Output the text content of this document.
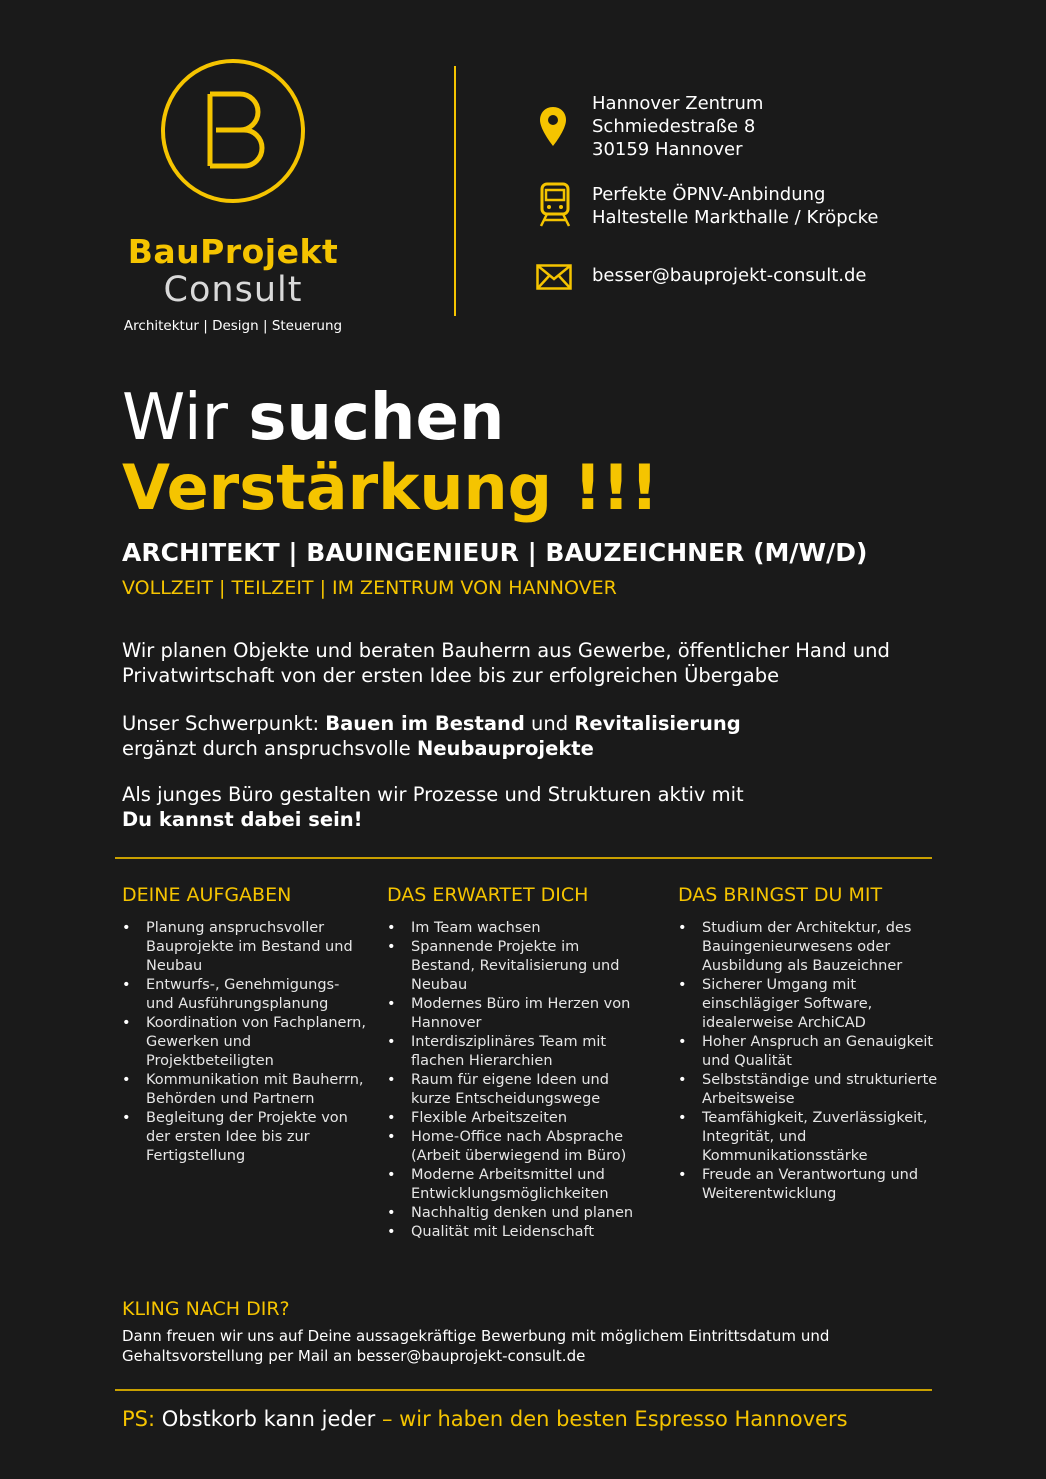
BauProjekt
Consult
Architektur | Design | Steuerung
Hannover Zentrum
Schmiedestraße 8
30159 Hannover
Perfekte ÖPNV-Anbindung
Haltestelle Markthalle / Kröpcke
besser@bauprojekt-consult.de
Wir suchen
Verstärkung !!!
ARCHITEKT | BAUINGENIEUR | BAUZEICHNER (M/W/D)
VOLLZEIT | TEILZEIT | IM ZENTRUM VON HANNOVER
Wir planen Objekte und beraten Bauherrn aus Gewerbe, öffentlicher Hand und Privatwirtschaft von der ersten Idee bis zur erfolgreichen Übergabe
Unser Schwerpunkt: Bauen im Bestand und Revitalisierung
ergänzt durch anspruchsvolle Neubauprojekte
Als junges Büro gestalten wir Prozesse und Strukturen aktiv mit
Du kannst dabei sein!
DEINE AUFGABEN
• Planung anspruchsvoller Bauprojekte im Bestand und Neubau
• Entwurfs-, Genehmigungs- und Ausführungsplanung
• Koordination von Fachplanern, Gewerken und Projektbeteiligten
• Kommunikation mit Bauherrn, Behörden und Partnern
• Begleitung der Projekte von der ersten Idee bis zur Fertigstellung
DAS ERWARTET DICH
• Im Team wachsen
• Spannende Projekte im Bestand, Revitalisierung und Neubau
• Modernes Büro im Herzen von Hannover
• Interdisziplinäres Team mit flachen Hierarchien
• Raum für eigene Ideen und kurze Entscheidungswege
• Flexible Arbeitszeiten
• Home-Office nach Absprache (Arbeit überwiegend im Büro)
• Moderne Arbeitsmittel und Entwicklungsmöglichkeiten
• Nachhaltig denken und planen
• Qualität mit Leidenschaft
DAS BRINGST DU MIT
• Studium der Architektur, des Bauingenieurwesens oder Ausbildung als Bauzeichner
• Sicherer Umgang mit einschlägiger Software, idealerweise ArchiCAD
• Hoher Anspruch an Genauigkeit und Qualität
• Selbstständige und strukturierte Arbeitsweise
• Teamfähigkeit, Zuverlässigkeit, Integrität, und Kommunikationsstärke
• Freude an Verantwortung und Weiterentwicklung
KLING NACH DIR?
Dann freuen wir uns auf Deine aussagekräftige Bewerbung mit möglichem Eintrittsdatum und Gehaltsvorstellung per Mail an besser@bauprojekt-consult.de
PS: Obstkorb kann jeder – wir haben den besten Espresso Hannovers
